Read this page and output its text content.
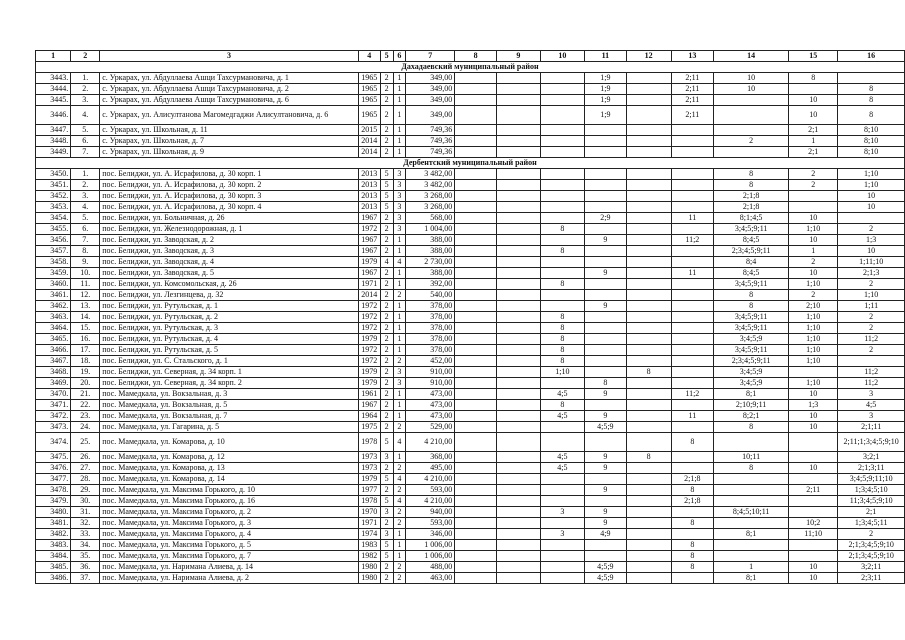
1	2	3	4	5	6	7	8	9	10	11	12	13	14	15	16
Дахадаевский муниципальный район															
3443.	1.	с. Уркарах, ул. Абдуллаева Ашци Тахсурмановича, д. 1	1965	2	1	349,00				1;9		2;11	10	8	
3444.	2.	с. Уркарах, ул. Абдуллаева Ашци Тахсурмановича, д. 2	1965	2	1	349,00				1;9		2;11	10		8
3445.	3.	с. Уркарах, ул. Абдуллаева Ашци Тахсурмановича, д. 6	1965	2	1	349,00				1;9		2;11		10	8
3446.	4.	с. Уркарах, ул. Алисултанова Магомедгаджи Алисултановича, д. 6	1965	2	1	349,00				1;9		2;11		10	8
3447.	5.	с. Уркарах, ул. Школьная, д. 11	2015	2	1	749,36								2;1	8;10
3448.	6.	с. Уркарах, ул. Школьная, д. 7	2014	2	1	749,36							2	1	8;10
3449.	7.	с. Уркарах, ул. Школьная, д. 9	2014	2	1	749,36								2;1	8;10
Дербентский муниципальный район															
3450.	1.	пос. Белиджи, ул. А. Исрафилова, д. 30 корп. 1	2013	5	3	3 482,00							8	2	1;10
3451.	2.	пос. Белиджи, ул. А. Исрафилова, д. 30 корп. 2	2013	5	3	3 482,00							8	2	1;10
3452.	3.	пос. Белиджи, ул. А. Исрафилова, д. 30 корп. 3	2013	5	3	3 268,00							2;1;8		10
3453.	4.	пос. Белиджи, ул. А. Исрафилова, д. 30 корп. 4	2013	5	3	3 268,00							2;1;8		10
3454.	5.	пос. Белиджи, ул. Больничная, д. 26	1967	2	3	568,00				2;9		11	8;1;4;5	10	
3455.	6.	пос. Белиджи, ул. Железнодорожная, д. 1	1972	2	3	1 004,00			8				3;4;5;9;11	1;10	2
3456.	7.	пос. Белиджи, ул. Заводская, д. 2	1967	2	1	388,00				9		11;2	8;4;5	10	1;3
3457.	8.	пос. Белиджи, ул. Заводская, д. 3	1967	2	1	388,00			8				2;3;4;5;9;11	1	10
3458.	9.	пос. Белиджи, ул. Заводская, д. 4	1979	4	4	2 730,00							8;4	2	1;11;10
3459.	10.	пос. Белиджи, ул. Заводская, д. 5	1967	2	1	388,00				9		11	8;4;5	10	2;1;3
3460.	11.	пос. Белиджи, ул. Комсомольская, д. 26	1971	2	1	392,00			8				3;4;5;9;11	1;10	2
3461.	12.	пос. Белиджи, ул. Лезгинцева, д. 32	2014	2	2	540,00							8	2	1;10
3462.	13.	пос. Белиджи, ул. Рутульская, д. 1	1972	2	1	378,00				9			8	2;10	1;11
3463.	14.	пос. Белиджи, ул. Рутульская, д. 2	1972	2	1	378,00			8				3;4;5;9;11	1;10	2
3464.	15.	пос. Белиджи, ул. Рутульская, д. 3	1972	2	1	378,00			8				3;4;5;9;11	1;10	2
3465.	16.	пос. Белиджи, ул. Рутульская, д. 4	1979	2	1	378,00			8				3;4;5;9	1;10	11;2
3466.	17.	пос. Белиджи, ул. Рутульская, д. 5	1972	2	1	378,00			8				3;4;5;9;11	1;10	2
3467.	18.	пос. Белиджи, ул. С. Стальского, д. 1	1972	2	2	452,00			8				2;3;4;5;9;11	1;10	
3468.	19.	пос. Белиджи, ул. Северная, д. 34 корп. 1	1979	2	3	910,00			1;10		8		3;4;5;9		11;2
3469.	20.	пос. Белиджи, ул. Северная, д. 34 корп. 2	1979	2	3	910,00				8			3;4;5;9	1;10	11;2
3470.	21.	пос. Мамедкала, ул. Вокзальная, д. 3	1961	2	1	473,00			4;5	9		11;2	8;1	10	3
3471.	22.	пос. Мамедкала, ул. Вокзальная, д. 5	1967	2	1	473,00			8				2;10;9;11	1;3	4;5
3472.	23.	пос. Мамедкала, ул. Вокзальная, д. 7	1964	2	1	473,00			4;5	9		11	8;2;1	10	3
3473.	24.	пос. Мамедкала, ул. Гагарина, д. 5	1975	2	2	529,00				4;5;9			8	10	2;1;11
3474.	25.	пос. Мамедкала, ул. Комарова, д. 10	1978	5	4	4 210,00						8			2;11;1;3;4;5;9;10
3475.	26.	пос. Мамедкала, ул. Комарова, д. 12	1973	3	1	368,00			4;5	9	8		10;11		3;2;1
3476.	27.	пос. Мамедкала, ул. Комарова, д. 13	1973	2	2	495,00			4;5	9			8	10	2;1;3;11
3477.	28.	пос. Мамедкала, ул. Комарова, д. 14	1979	5	4	4 210,00						2;1;8			3;4;5;9;11;10
3478.	29.	пос. Мамедкала, ул. Максима Горького, д. 10	1977	2	2	593,00				9		8		2;11	1;3;4;5;10
3479.	30.	пос. Мамедкала, ул. Максима Горького, д. 16	1978	5	4	4 210,00						2;1;8			11;3;4;5;9;10
3480.	31.	пос. Мамедкала, ул. Максима Горького, д. 2	1970	3	2	940,00			3	9			8;4;5;10;11		2;1
3481.	32.	пос. Мамедкала, ул. Максима Горького, д. 3	1971	2	2	593,00				9		8		10;2	1;3;4;5;11
3482.	33.	пос. Мамедкала, ул. Максима Горького, д. 4	1974	3	1	346,00			3	4;9			8;1	11;10	2
3483.	34.	пос. Мамедкала, ул. Максима Горького, д. 5	1983	5	1	1 006,00						8			2;1;3;4;5;9;10
3484.	35.	пос. Мамедкала, ул. Максима Горького, д. 7	1982	5	1	1 006,00						8			2;1;3;4;5;9;10
3485.	36.	пос. Мамедкала, ул. Наримана Алиева, д. 14	1980	2	2	488,00				4;5;9		8	1	10	3;2;11
3486.	37.	пос. Мамедкала, ул. Наримана Алиева, д. 2	1980	2	2	463,00				4;5;9			8;1	10	2;3;11
